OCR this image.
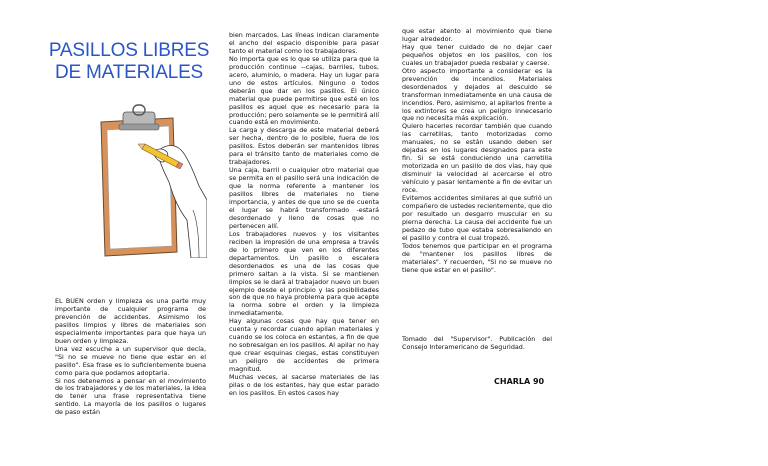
PASILLOS LIBRES
DE MATERIALES

EL BUEN orden y limpieza es una parte muy importante de cualquier programa de prevención de accidentes. Asimismo los pasillos limpios y libres de materiales son especialmente importantes para que haya un buen orden y limpieza.

Una vez escuche a un supervisor que decía, "Si no se mueve no tiene que estar en el pasillo". Esa frase es lo suficientemente buena como para que podamos adoptarla.

Si nos detenemos a pensar en el movimiento de los trabajadores y de los materiales, la idea de tener una frase representativa tiene sentido. La mayoría de los pasillos o lugares de paso están

bien marcados. Las líneas indican claramente el ancho del espacio disponible para pasar tanto el material como los trabajadores.

No importa que es lo que se utiliza para que la producción continue --cajas, barriles, tubos, acero, aluminio, o madera. Hay un lugar para uno de estos artículos. Ninguno o todos deberán que dar en los pasillos. El único material que puede permitirse que esté en los pasillos es aquel que es necesario para la producción; pero solamente se le permitirá allí cuando está en movimiento.

La carga y descarga de este material deberá ser hecha, dentro de lo posible, fuera de los pasillos. Estos deberán ser mantenidos libres para el tránsito tanto de materiales como de trabajadores.

Una caja, barril o cualquier otro material que se permita en el pasillo será una indicación de que la norma referente a mantener los pasillos libres de materiales no tiene importancia, y antes de que uno se de cuenta el lugar se habrá transformado -estará desordenado y lleno de cosas que no pertenecen allí.

Los trabajadores nuevos y los visitantes reciben la impresión de una empresa a través de lo primero que ven en los diferentes departamentos. Un pasillo o escalera desordenados es una de las cosas que primero saltan a la vista. Si se mantienen limpios se le dará al trabajador nuevo un buen ejemplo desde el principio y las posibilidades son de que no haya problema para que acepte la norma sobre el orden y la limpieza inmediatamente.

Hay algunas cosas que hay que tener en cuenta y recordar cuando apilan materiales y cuando se los coloca en estantes, a fin de que no sobresalgan en los pasillos. Al apilar no hay que crear esquinas ciegas, estas constituyen un peligro de accidentes de primera magnitud.

Muchas veces, al sacarse materiales de las pilas o de los estantes, hay que estar parado en los pasillos. En estos casos hay

que estar atento al movimiento que tiene lugar alrededor.

Hay que tener cuidado de no dejar caer pequeños objetos en los pasillos, con los cuales un trabajador pueda resbalar y caerse.

Otro aspecto importante a considerar es la prevención de incendios. Materiales desordenados y dejados al descuido se transforman inmediatamente en una causa de incendios. Pero, asimismo, al apilarlos frente a los extintores se crea un peligro innecesario que no necesita más explicación.

Quiero hacerles recordar también que cuando las carretillas, tanto motorizadas como manuales, no se están usando deben ser dejadas en los lugares designados para este fin. Si se está conduciendo una carretilla motorizada en un pasillo de dos vías, hay que disminuir la velocidad al acercarse el otro vehículo y pasar lentamente a fin de evitar un roce.

Evitemos accidentes similares al que sufrió un compañero de ustedes recientemente, que dio por resultado un desgarro muscular en su pierna derecha. La causa del accidente fue un pedazo de tubo que estaba sobresaliendo en el pasillo y contra el cual tropezó.

Todos tenemos que participar en el programa de "mantener los pasillos libres de materiales". Y recuerden, "Si no se mueve no tiene que estar en el pasillo".

Tomado del "Supervisor". Publicación del Consejo Interamericano de Seguridad.

CHARLA 90
